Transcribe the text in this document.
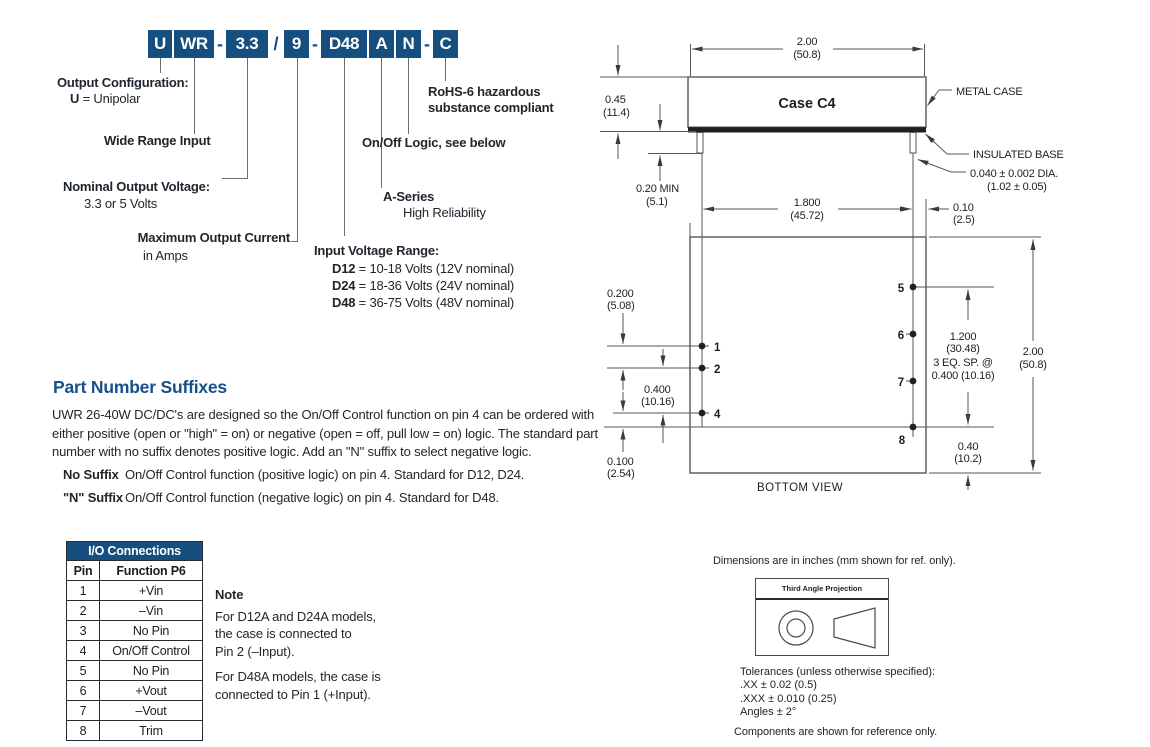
U WR - 3.3 / 9 - D48 A N - C
Output Configuration:
U = Unipolar
Wide Range Input
Nominal Output Voltage:
3.3 or 5 Volts
Maximum Output Current
in Amps	Input Voltage Range:
D12 = 10-18 Volts (12V nominal)
D24 = 18-36 Volts (24V nominal)
D48 = 36-75 Volts (48V nominal)
A-Series
High Reliability
On/Off Logic, see below
RoHS-6 hazardous
substance compliant
Part Number Suffixes
UWR 26-40W DC/DC's are designed so the On/Off Control function on pin 4 can be ordered with
either positive (open or "high" = on) or negative (open = off, pull low = on) logic. The standard part
number with no suffix denotes positive logic. Add an "N" suffix to select negative logic.
No Suffix On/Off Control function (positive logic) on pin 4. Standard for D12, D24.
"N" Suffix On/Off Control function (negative logic) on pin 4. Standard for D48.
I/O Connections	
Pin	Function P6
1	+Vin
2	–Vin
3	No Pin
4	On/Off Control
5	No Pin
6	+Vout
7	–Vout
8	Trim
Note
For D12A and D24A models,
the case is connected to
Pin 2 (–Input).
For D48A models, the case is
connected to Pin 1 (+Input).
Case C4
2.00
(50.8)
0.45
(11.4)
0.20 MIN
(5.1)	1.800
(45.72)
0.10
(2.5)
METAL CASE
INSULATED BASE
0.040 ± 0.002 DIA.
(1.02 ± 0.05)
1
2
4
5
6
7
8
0.200
(5.08)
0.400
(10.16)
0.100
(2.54)
1.200
(30.48)
3 EQ. SP. @
0.400 (10.16)
2.00
(50.8)
0.40
(10.2)
BOTTOM VIEW
Dimensions are in inches (mm shown for ref. only).
Third Angle Projection
Tolerances (unless otherwise specified):
.XX ± 0.02 (0.5)
.XXX ± 0.010 (0.25)
Angles ± 2°
Components are shown for reference only.
